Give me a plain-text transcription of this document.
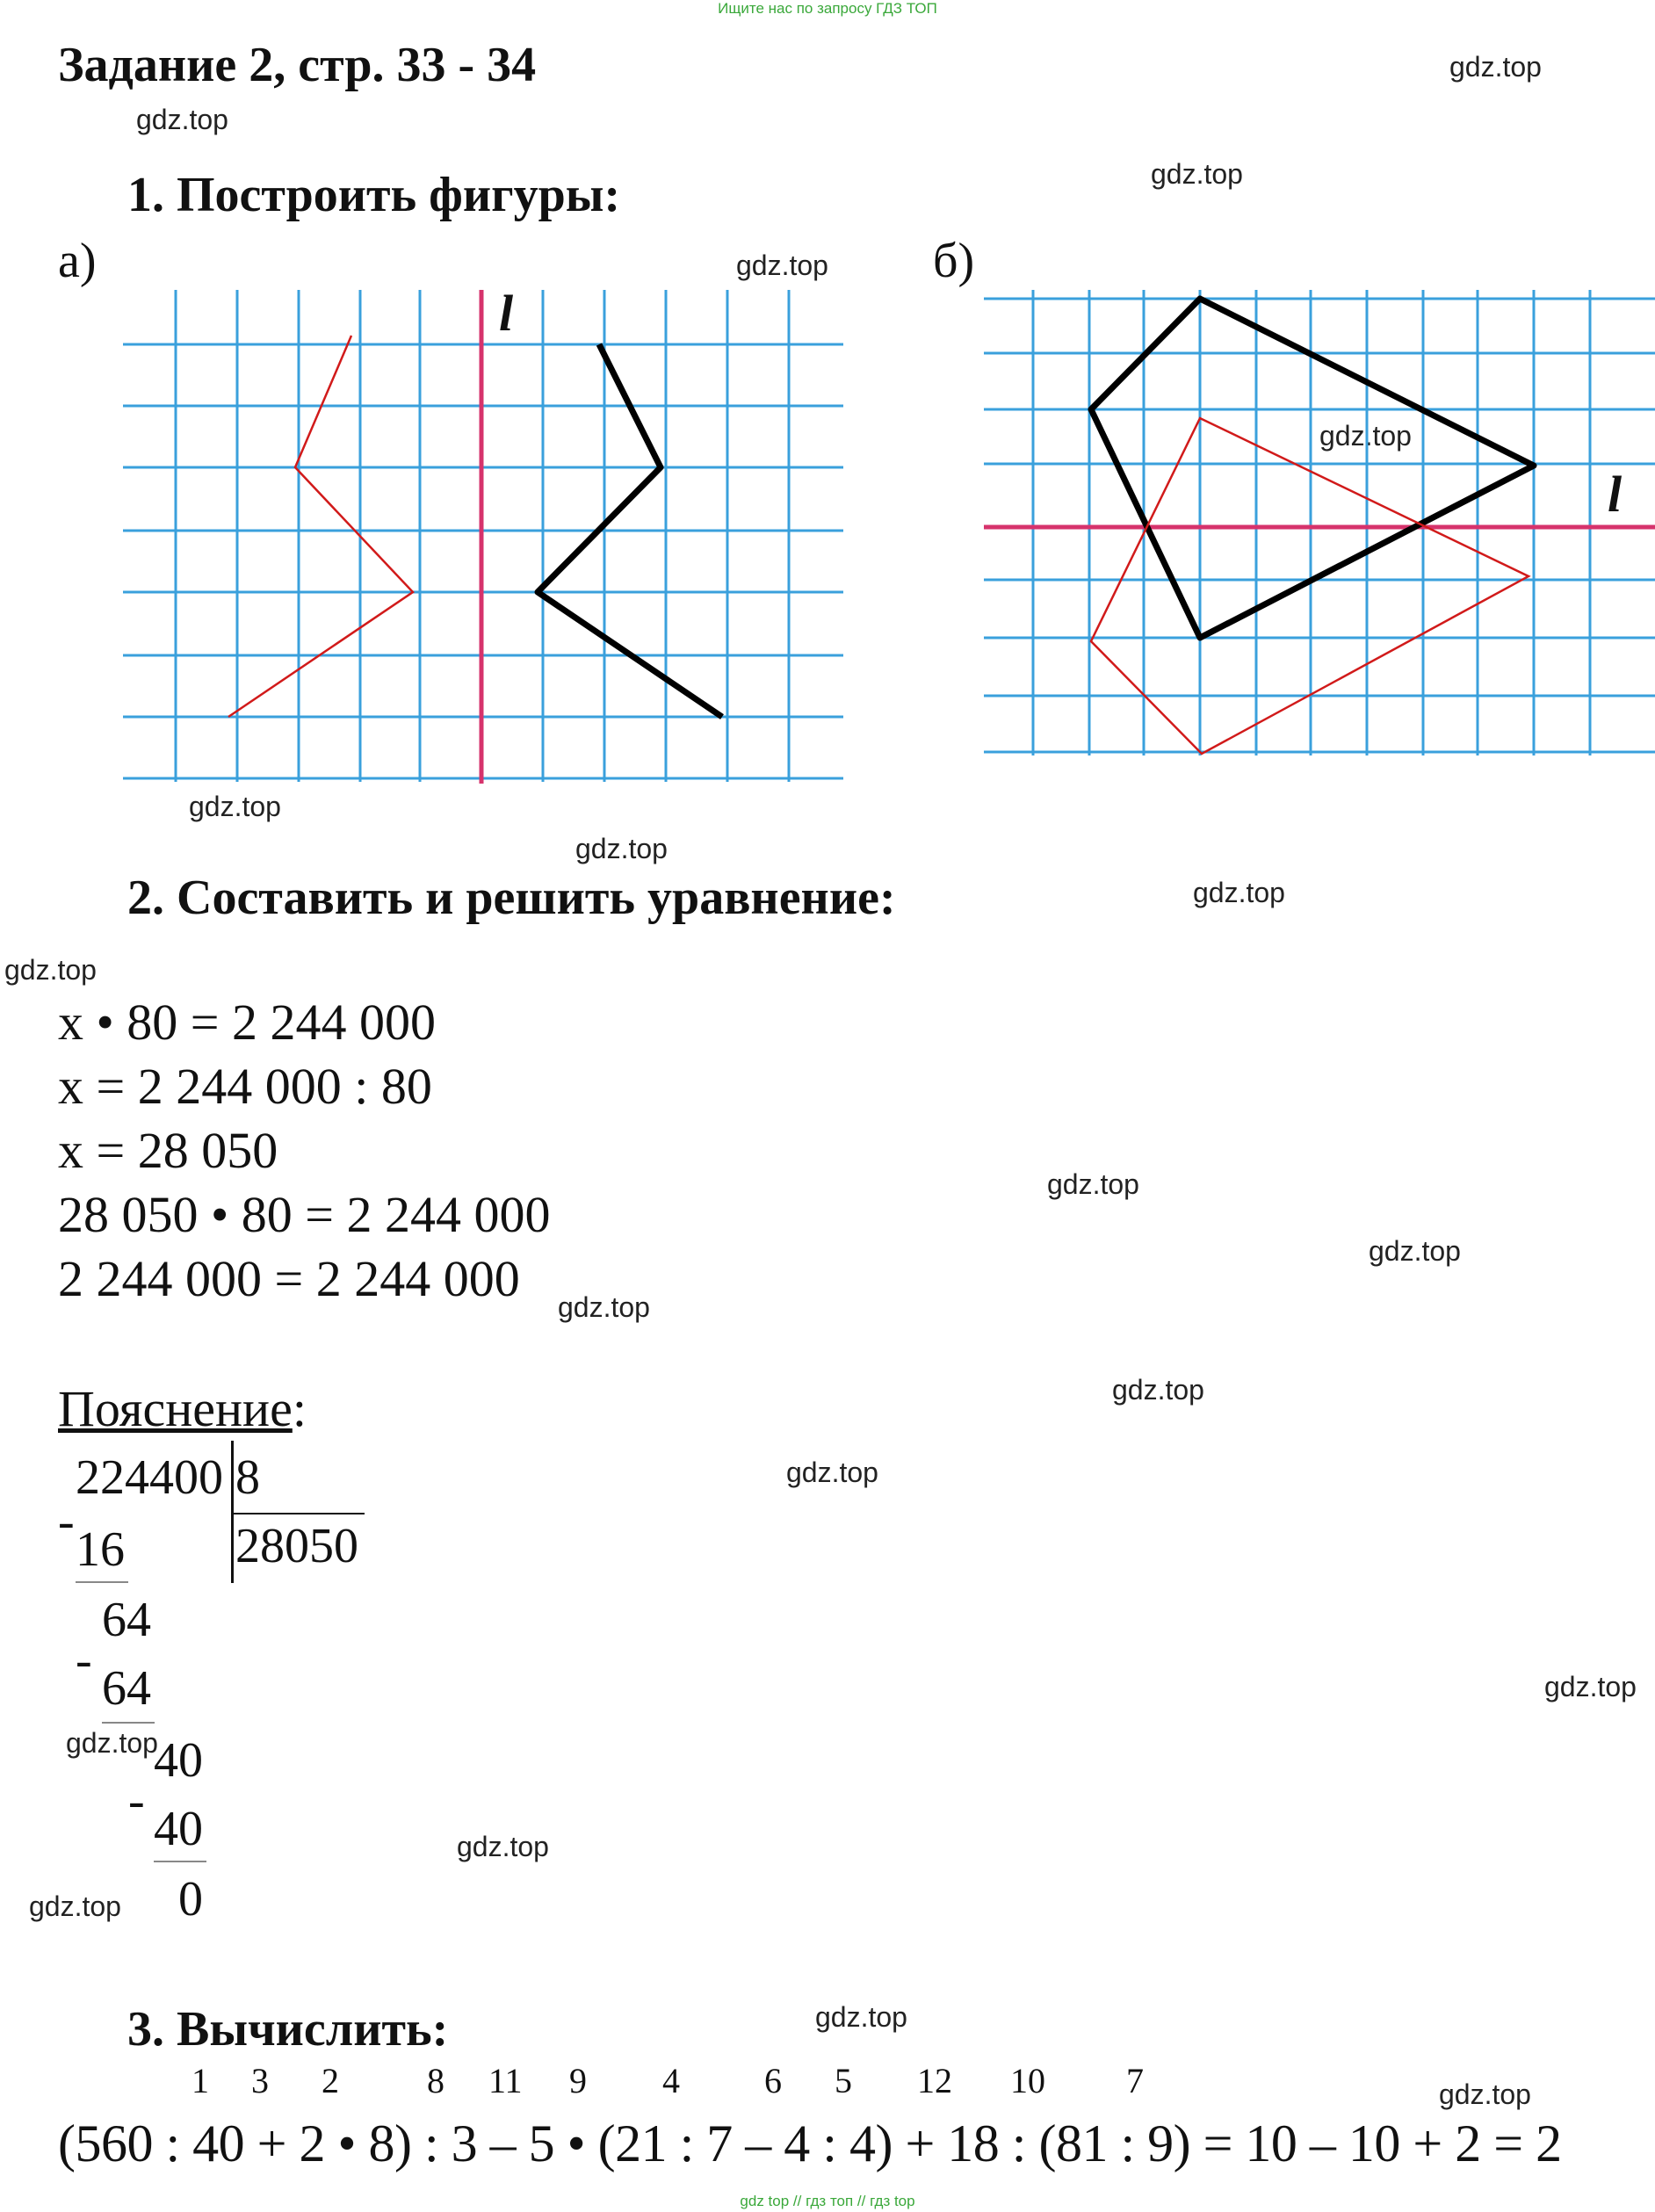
Ищите нас по запросу ГДЗ ТОП
Задание 2, стр. 33 - 34	gdz.top
gdz.top
gdz.top
gdz.top
gdz.top
gdz.top
gdz.top
gdz.top
gdz.top
gdz.top
gdz.top
gdz.top
gdz.top
gdz.top
gdz.top
gdz.top
gdz.top
gdz.top
gdz.top
gdz.top
1. Построить фигуры:
а)	б)
l
l
2. Составить и решить уравнение:
x • 80 = 2 244 000
x = 2 244 000 : 80
x = 28 050
28 050 • 80 = 2 244 000
2 244 000 = 2 244 000
Пояснение:
224400 8
28050
-
16
64
-
64
40
-
40
0
3. Вычислить:
1 3 2	8 11 9 4 6 5 12 10 7
(560 : 40 + 2 • 8) : 3 – 5 • (21 : 7 – 4 : 4) + 18 : (81 : 9) = 10 – 10 + 2 = 2
gdz top // гдз топ // гдз top
